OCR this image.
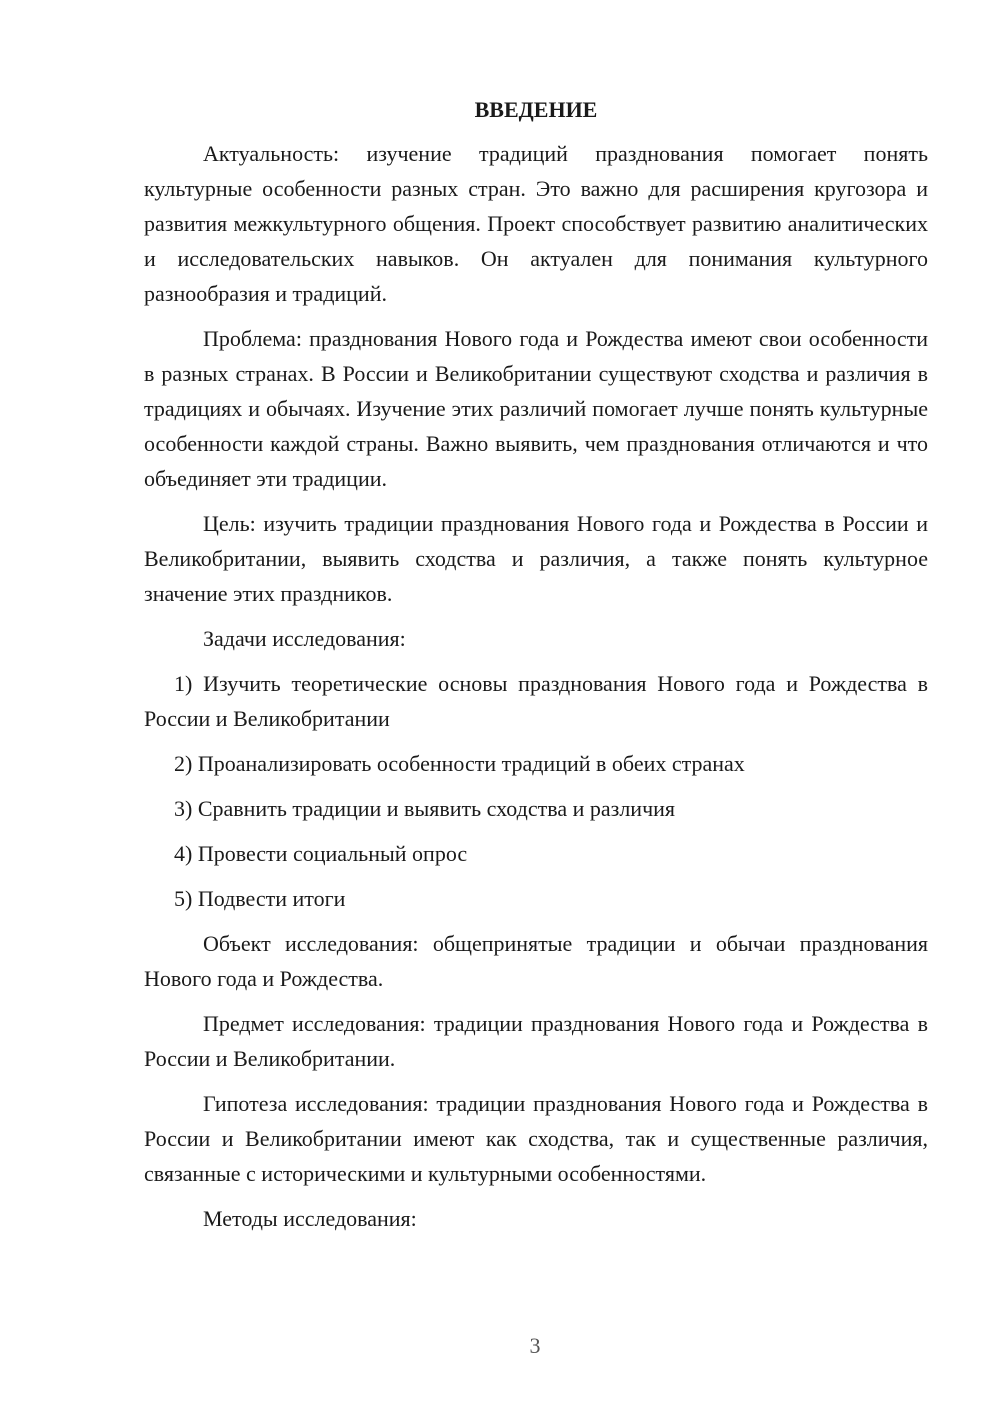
ВВЕДЕНИЕ

Актуальность: изучение традиций празднования помогает понять культурные особенности разных стран. Это важно для расширения кругозора и развития межкультурного общения. Проект способствует развитию аналитических и исследовательских навыков. Он актуален для понимания культурного разнообразия и традиций.

Проблема: празднования Нового года и Рождества имеют свои особенности в разных странах. В России и Великобритании существуют сходства и различия в традициях и обычаях. Изучение этих различий помогает лучше понять культурные особенности каждой страны. Важно выявить, чем празднования отличаются и что объединяет эти традиции.

Цель: изучить традиции празднования Нового года и Рождества в России и Великобритании, выявить сходства и различия, а также понять культурное значение этих праздников.

Задачи исследования:

1) Изучить теоретические основы празднования Нового года и Рождества в России и Великобритании

2) Проанализировать особенности традиций в обеих странах

3) Сравнить традиции и выявить сходства и различия

4) Провести социальный опрос

5) Подвести итоги

Объект исследования: общепринятые традиции и обычаи празднования Нового года и Рождества.

Предмет исследования: традиции празднования Нового года и Рождества в России и Великобритании.

Гипотеза исследования: традиции празднования Нового года и Рождества в России и Великобритании имеют как сходства, так и существенные различия, связанные с историческими и культурными особенностями.

Методы исследования:

3
